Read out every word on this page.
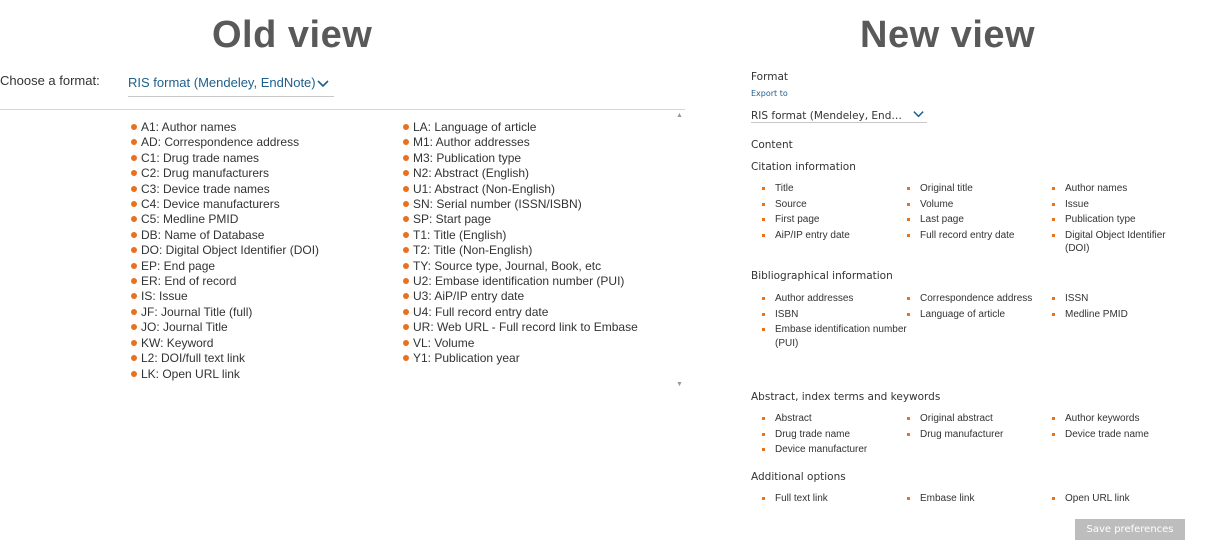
Old view	New view
Choose a format: RIS format (Mendeley, EndNote)
A1: Author names
AD: Correspondence address
C1: Drug trade names
C2: Drug manufacturers
C3: Device trade names
C4: Device manufacturers
C5: Medline PMID
DB: Name of Database
DO: Digital Object Identifier (DOI)
EP: End page
ER: End of record
IS: Issue
JF: Journal Title (full)
JO: Journal Title
KW: Keyword
L2: DOI/full text link
LK: Open URL link
LA: Language of article
M1: Author addresses
M3: Publication type
N2: Abstract (English)
U1: Abstract (Non-English)
SN: Serial number (ISSN/ISBN)
SP: Start page
T1: Title (English)
T2: Title (Non-English)
TY: Source type, Journal, Book, etc
U2: Embase identification number (PUI)
U3: AiP/IP entry date
U4: Full record entry date
UR: Web URL - Full record link to Embase
VL: Volume
Y1: Publication year
▲
▼
Format
Export to
RIS format (Mendeley, End…
Content
Citation information
Title	Original title	Author names
Source	Volume	Issue
First page	Last page	Publication type
AiP/IP entry date	Full record entry date	Digital Object Identifier (DOI)
Bibliographical information
Author addresses	Correspondence address	ISSN
ISBN	Language of article	Medline PMID
Embase identification number (PUI)
Abstract, index terms and keywords
Abstract	Original abstract	Author keywords
Drug trade name	Drug manufacturer	Device trade name
Device manufacturer
Additional options
Full text link	Embase link	Open URL link
Save preferences
